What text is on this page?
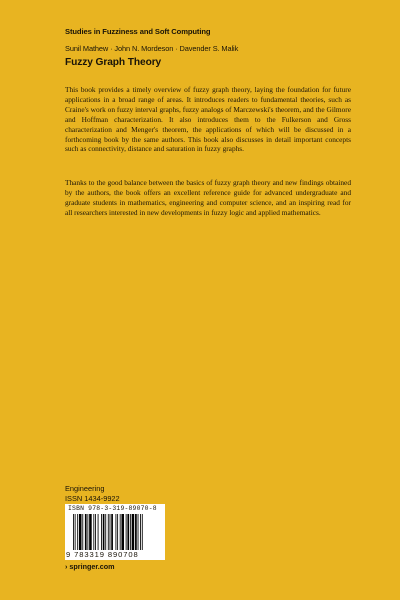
Studies in Fuzziness and Soft Computing
Sunil Mathew · John N. Mordeson · Davender S. Malik
Fuzzy Graph Theory

This book provides a timely overview of fuzzy graph theory, laying the foundation for future applications in a broad range of areas. It introduces readers to fundamental theories, such as Craine's work on fuzzy interval graphs, fuzzy analogs of Marczewski's theorem, and the Gilmore and Hoffman characterization. It also introduces them to the Fulkerson and Gross characterization and Menger's theorem, the applications of which will be discussed in a forthcoming book by the same authors. This book also discusses in detail important concepts such as connectivity, distance and saturation in fuzzy graphs.

Thanks to the good balance between the basics of fuzzy graph theory and new findings obtained by the authors, the book offers an excellent reference guide for advanced undergraduate and graduate students in mathematics, engineering and computer science, and an inspiring read for all researchers interested in new developments in fuzzy logic and applied mathematics.

Engineering
ISSN 1434-9922
ISBN 978-3-319-89070-8
9 783319 890708
› springer.com
